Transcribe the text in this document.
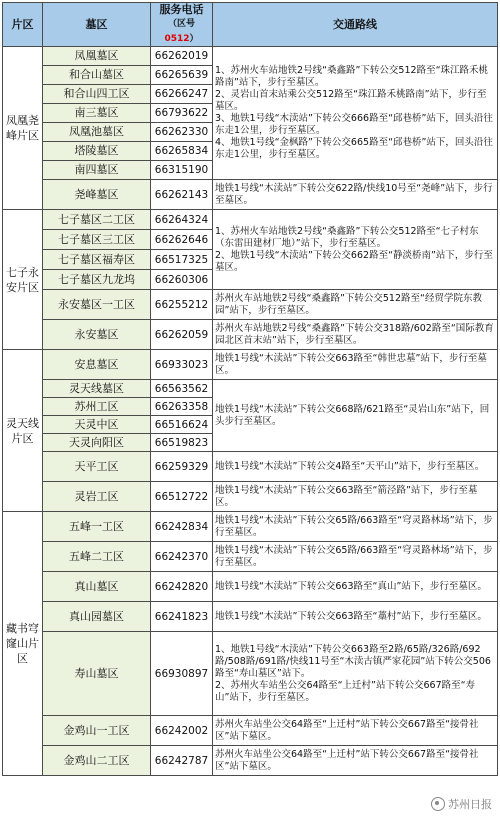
片区	墓区	服务电话
（区号0512）	交通路线
凤凰尧峰片区	凤凰墓区	66262019	1、苏州火车站地铁2号线“桑鑫路”下转公交512路至“珠江路禾桃路南”站下，步行至墓区。
2、灵岩山首末站乘公交512路至“珠江路禾桃路南”站下，步行至墓区。
3、地铁1号线“木渎站”下转公交666路至“邱巷桥”站下，回头沿往东走1公里，步行至墓区。
4、地铁1号线“金枫路”下转公交665路至“邱巷桥”站下，回头沿往东走1公里，步行至墓区。

	和合山墓区	66265639	
	和合山四工区	66266247	
	南三墓区	66793622	
	凤凰池墓区	66262330	
	塔陵墓区	66265834	
	南四墓区	66315190	
	尧峰墓区	66262143	地铁1号线“木渎站”下转公交622路/快线10号至“尧峰”站下，步行至墓区。
七子永安片区	七子墓区二工区	66264324	1、苏州火车站地铁2号线“桑鑫路”下转公交512路至“七子村东（东雷田建材厂地）”站下，步行至墓区。
2、地铁1号线“木渎站”下转公交662路至“静淡桥南”站下，步行至墓区。

	七子墓区三工区	66262646	
	七子墓区福寿区	66517325	
	七子墓区九龙坞	66260306	
	永安墓区一工区	66255212	苏州火车站地铁2号线“桑鑫路”下转公交512路至“经贸学院东教园”站下，步行至墓区。
	永安墓区	66262059	苏州火车站地铁2号线“桑鑫路”下转公交318路/602路至“国际教育园北区首末站”站下，步行至墓区。
灵天线片区	安息墓区	66933023	地铁1号线“木渎站”下转公交663路至“韩世忠墓”站下，步行至墓区。
	灵天线墓区	66563562	地铁1号线“木渎站”下转公交668路/621路至“灵岩山东”站下，回头步行至墓区。
	苏州工区	66263358	
	天灵中区	66516624	
	天灵向阳区	66519823	
	天平工区	66259329	地铁1号线“木渎站”下转公交4路至“天平山”站下，步行至墓区。
	灵岩工区	66512722	地铁1号线“木渎站”下转公交663路至“箭泾路”站下，步行至墓区。
藏书穹窿山片区	五峰一工区	66242834	地铁1号线“木渎站”下转公交65路/663路至“穹灵路林场”站下，步行至墓区。
	五峰二工区	66242370	地铁1号线“木渎站”下转公交65路/663路至“穹灵路林场”站下，步行至墓区。
	真山墓区	66242820	地铁1号线“木渎站”下转公交663路至“真山”站下，步行至墓区。
	真山园墓区	66241823	地铁1号线“木渎站”下转公交663路至“藁村”站下，步行至墓区。
	寿山墓区	66930897	1、地铁1号线“木渎站”下转公交663路至2路/65路/326路/692路/508路/691路/快线11号至“木渎古镇严家花园”站下转公交506路至“寿山墓区”站下。
2、苏州火车站坐公交64路至“上迁村”站下转公交667路至“寿山”站下，步行至墓区。

	金鸡山一工区	66242002	苏州火车站坐公交64路至“上迁村”站下转公交667路至“接骨社区”站下墓区。
	金鸡山二工区	66242787	苏州火车站坐公交64路至“上迁村”站下转公交667路至“接骨社区”站下墓区。
苏州日报
